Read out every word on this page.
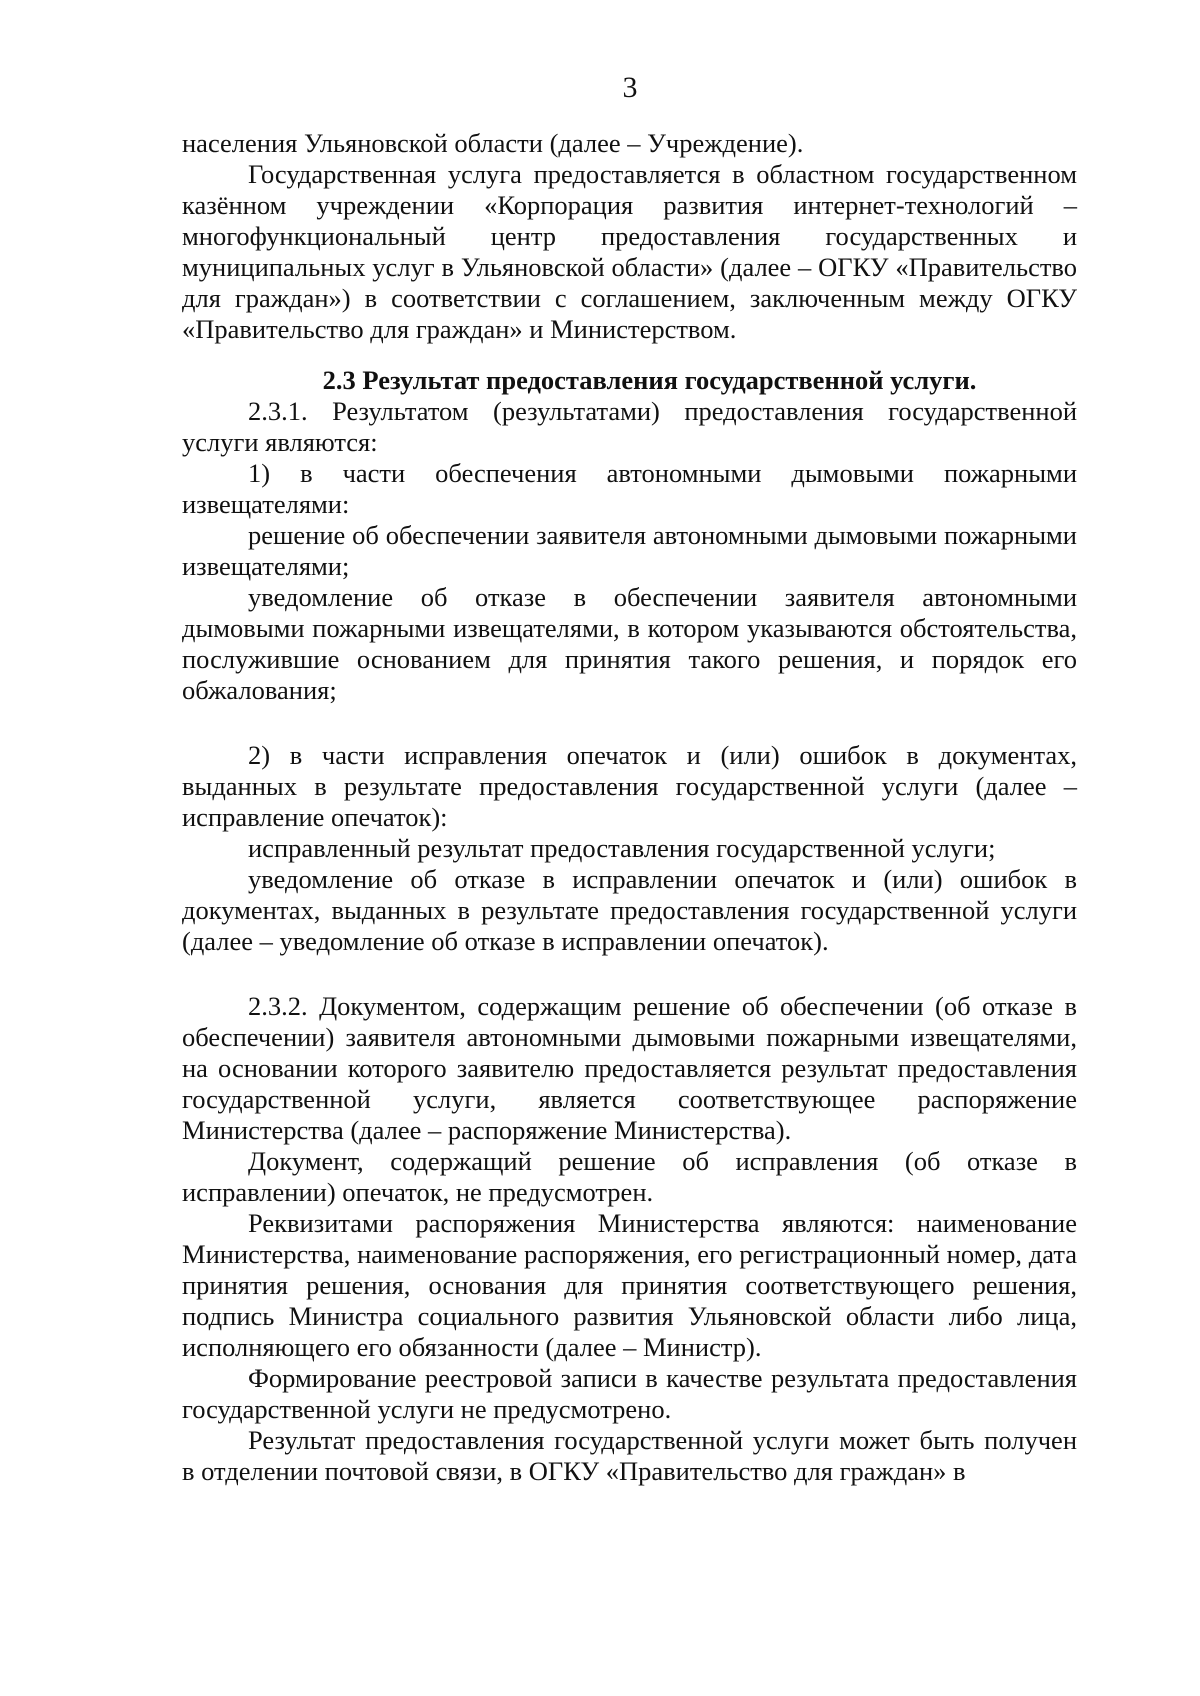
3

населения Ульяновской области (далее – Учреждение).

Государственная услуга предоставляется в областном государственном казённом учреждении «Корпорация развития интернет-технологий – многофункциональный центр предоставления государственных и муниципальных услуг в Ульяновской области» (далее – ОГКУ «Правительство для граждан») в соответствии с соглашением, заключенным между ОГКУ «Правительство для граждан» и Министерством.

2.3 Результат предоставления государственной услуги.

2.3.1. Результатом (результатами) предоставления государственной услуги являются:

1) в части обеспечения автономными дымовыми пожарными извещателями:

решение об обеспечении заявителя автономными дымовыми пожарными извещателями;

уведомление об отказе в обеспечении заявителя автономными дымовыми пожарными извещателями, в котором указываются обстоятельства, послужившие основанием для принятия такого решения, и порядок его обжалования;

2) в части исправления опечаток и (или) ошибок в документах, выданных в результате предоставления государственной услуги (далее – исправление опечаток):

исправленный результат предоставления государственной услуги;

уведомление об отказе в исправлении опечаток и (или) ошибок в документах, выданных в результате предоставления государственной услуги (далее – уведомление об отказе в исправлении опечаток).

2.3.2. Документом, содержащим решение об обеспечении (об отказе в обеспечении) заявителя автономными дымовыми пожарными извещателями, на основании которого заявителю предоставляется результат предоставления государственной услуги, является соответствующее распоряжение Министерства (далее – распоряжение Министерства).

Документ, содержащий решение об исправления (об отказе в исправлении) опечаток, не предусмотрен.

Реквизитами распоряжения Министерства являются: наименование Министерства, наименование распоряжения, его регистрационный номер, дата принятия решения, основания для принятия соответствующего решения, подпись Министра социального развития Ульяновской области либо лица, исполняющего его обязанности (далее – Министр).

Формирование реестровой записи в качестве результата предоставления государственной услуги не предусмотрено.

Результат предоставления государственной услуги может быть получен в отделении почтовой связи, в ОГКУ «Правительство для граждан» в
